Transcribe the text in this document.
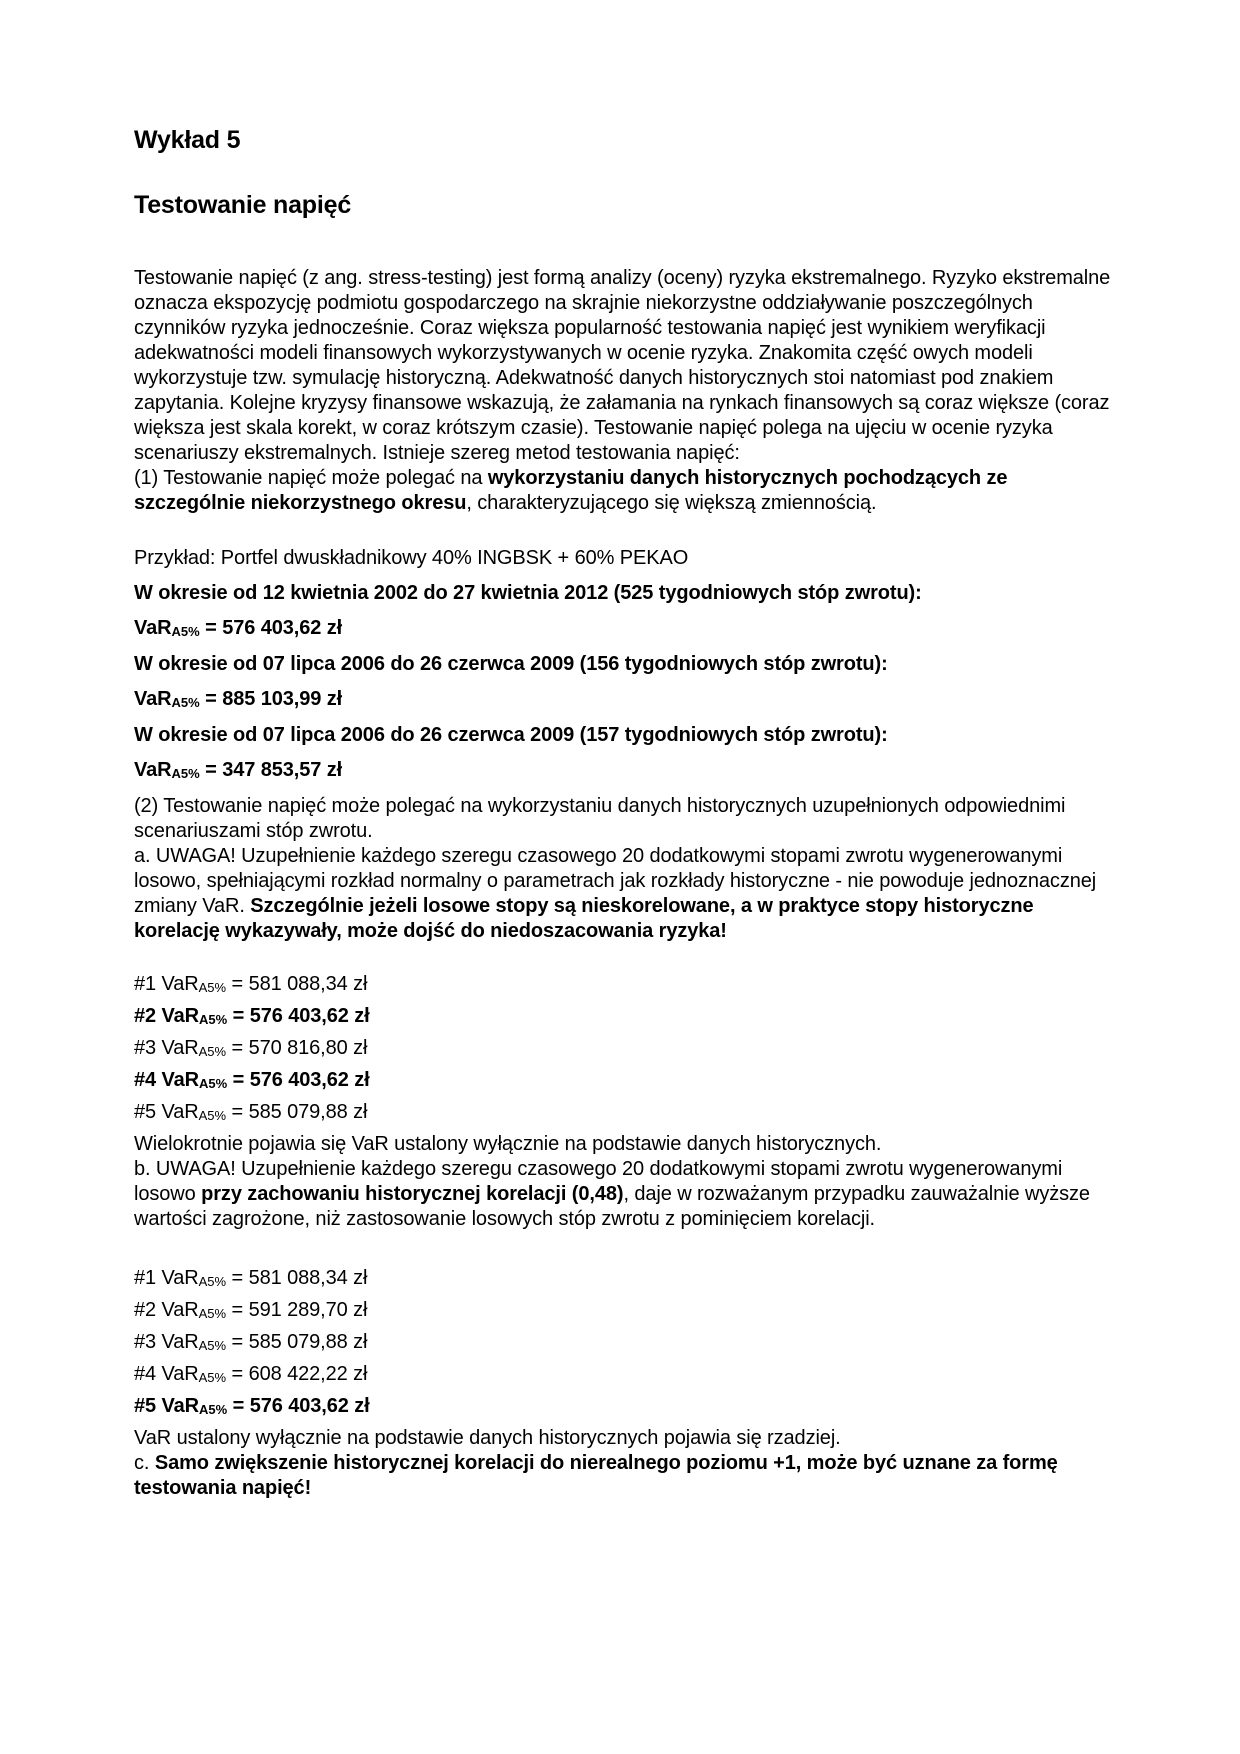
Wykład 5
Testowanie napięć

Testowanie napięć (z ang. stress-testing) jest formą analizy (oceny) ryzyka ekstremalnego. Ryzyko ekstremalne oznacza ekspozycję podmiotu gospodarczego na skrajnie niekorzystne oddziaływanie poszczególnych czynników ryzyka jednocześnie. Coraz większa popularność testowania napięć jest wynikiem weryfikacji adekwatności modeli finansowych wykorzystywanych w ocenie ryzyka. Znakomita część owych modeli wykorzystuje tzw. symulację historyczną. Adekwatność danych historycznych stoi natomiast pod znakiem zapytania. Kolejne kryzysy finansowe wskazują, że załamania na rynkach finansowych są coraz większe (coraz większa jest skala korekt, w coraz krótszym czasie). Testowanie napięć polega na ujęciu w ocenie ryzyka scenariuszy ekstremalnych. Istnieje szereg metod testowania napięć:

(1) Testowanie napięć może polegać na wykorzystaniu danych historycznych pochodzących ze szczególnie niekorzystnego okresu, charakteryzującego się większą zmiennością.

Przykład: Portfel dwuskładnikowy 40% INGBSK + 60% PEKAO
W okresie od 12 kwietnia 2002 do 27 kwietnia 2012 (525 tygodniowych stóp zwrotu):
VaRA5% = 576 403,62 zł
W okresie od 07 lipca 2006 do 26 czerwca 2009 (156 tygodniowych stóp zwrotu):
VaRA5% = 885 103,99 zł
W okresie od 07 lipca 2006 do 26 czerwca 2009 (157 tygodniowych stóp zwrotu):
VaRA5% = 347 853,57 zł

(2) Testowanie napięć może polegać na wykorzystaniu danych historycznych uzupełnionych odpowiednimi scenariuszami stóp zwrotu.

a. UWAGA! Uzupełnienie każdego szeregu czasowego 20 dodatkowymi stopami zwrotu wygenerowanymi losowo, spełniającymi rozkład normalny o parametrach jak rozkłady historyczne - nie powoduje jednoznacznej zmiany VaR. Szczególnie jeżeli losowe stopy są nieskorelowane, a w praktyce stopy historyczne korelację wykazywały, może dojść do niedoszacowania ryzyka!

#1 VaRA5% = 581 088,34 zł
#2 VaRA5% = 576 403,62 zł
#3 VaRA5% = 570 816,80 zł
#4 VaRA5% = 576 403,62 zł
#5 VaRA5% = 585 079,88 zł

Wielokrotnie pojawia się VaR ustalony wyłącznie na podstawie danych historycznych.

b. UWAGA! Uzupełnienie każdego szeregu czasowego 20 dodatkowymi stopami zwrotu wygenerowanymi losowo przy zachowaniu historycznej korelacji (0,48), daje w rozważanym przypadku zauważalnie wyższe wartości zagrożone, niż zastosowanie losowych stóp zwrotu z pominięciem korelacji.

#1 VaRA5% = 581 088,34 zł
#2 VaRA5% = 591 289,70 zł
#3 VaRA5% = 585 079,88 zł
#4 VaRA5% = 608 422,22 zł
#5 VaRA5% = 576 403,62 zł

VaR ustalony wyłącznie na podstawie danych historycznych pojawia się rzadziej.

c. Samo zwiększenie historycznej korelacji do nierealnego poziomu +1, może być uznane za formę testowania napięć!
